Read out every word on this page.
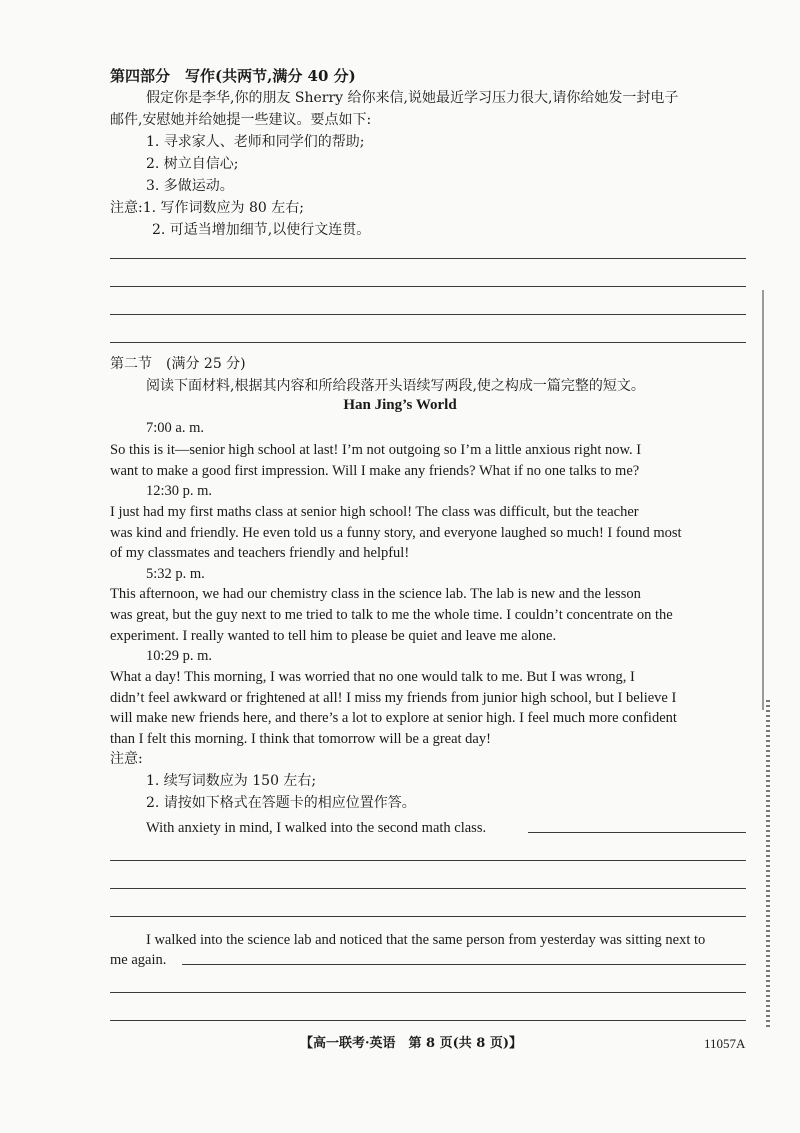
第四部分　写作(共两节,满分 40 分)
假定你是李华,你的朋友 Sherry 给你来信,说她最近学习压力很大,请你给她发一封电子
邮件,安慰她并给她提一些建议。要点如下:
1. 寻求家人、老师和同学们的帮助;
2. 树立自信心;
3. 多做运动。
注意:1. 写作词数应为 80 左右;
2. 可适当增加细节,以使行文连贯。
第二节　(满分 25 分)
阅读下面材料,根据其内容和所给段落开头语续写两段,使之构成一篇完整的短文。
Han Jing’s World
7:00 a. m.
So this is it—senior high school at last! I’m not outgoing so I’m a little anxious right now. I
want to make a good first impression. Will I make any friends? What if no one talks to me?
12:30 p. m.
I just had my first maths class at senior high school! The class was difficult, but the teacher
was kind and friendly. He even told us a funny story, and everyone laughed so much! I found most
of my classmates and teachers friendly and helpful!
5:32 p. m.
This afternoon, we had our chemistry class in the science lab. The lab is new and the lesson
was great, but the guy next to me tried to talk to me the whole time. I couldn’t concentrate on the
experiment. I really wanted to tell him to please be quiet and leave me alone.
10:29 p. m.
What a day! This morning, I was worried that no one would talk to me. But I was wrong, I
didn’t feel awkward or frightened at all! I miss my friends from junior high school, but I believe I
will make new friends here, and there’s a lot to explore at senior high. I feel much more confident
than I felt this morning. I think that tomorrow will be a great day!
注意:
1. 续写词数应为 150 左右;
2. 请按如下格式在答题卡的相应位置作答。
With anxiety in mind, I walked into the second math class.
I walked into the science lab and noticed that the same person from yesterday was sitting next to
me again.
【高一联考·英语　第 8 页(共 8 页)】	11057A
